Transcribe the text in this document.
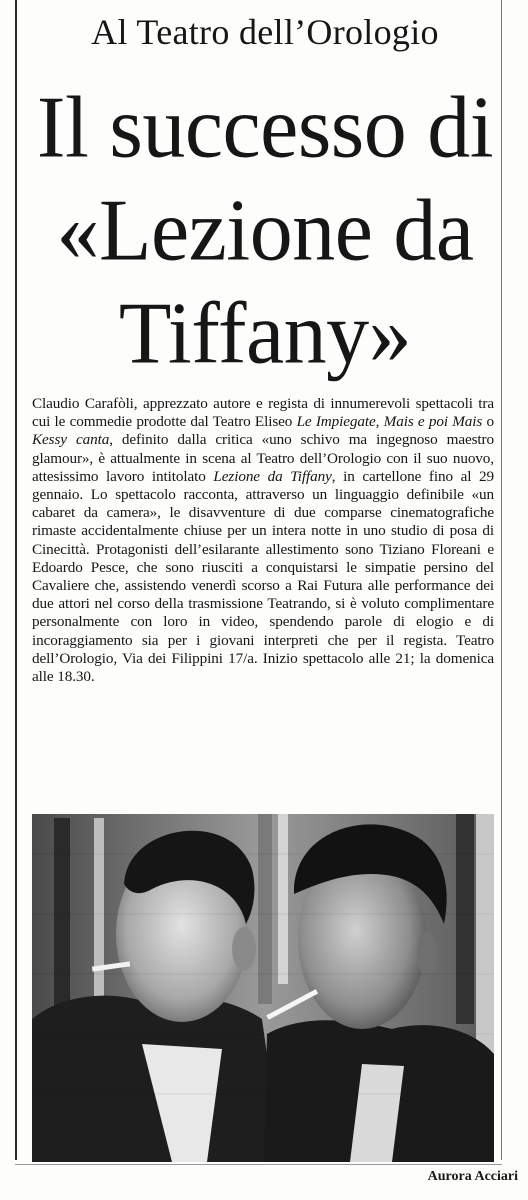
Al Teatro dell’Orologio
Il successo di
«Lezione da
Tiffany»
Claudio Carafòli, apprezzato autore e regista di innumerevoli spettacoli tra cui le commedie prodotte dal Teatro Eliseo Le Impiegate, Mais e poi Mais o Kessy canta, definito dalla critica «uno schivo ma ingegnoso maestro glamour», è attualmente in scena al Teatro dell’Orologio con il suo nuovo, attesissimo lavoro intitolato Lezione da Tiffany, in cartellone fino al 29 gennaio. Lo spettacolo racconta, attraverso un linguaggio definibile «un cabaret da camera», le disavventure di due comparse cinematografiche rimaste accidentalmente chiuse per un intera notte in uno studio di posa di Cinecittà. Protagonisti dell’esilarante allestimento sono Tiziano Floreani e Edoardo Pesce, che sono riusciti a conquistarsi le simpatie persino del Cavaliere che, assistendo venerdì scorso a Rai Futura alle performance dei due attori nel corso della trasmissione Teatrando, si è voluto complimentare personalmente con loro in video, spendendo parole di elogio e di incoraggiamento sia per i giovani interpreti che per il regista. Teatro dell’Orologio, Via dei Filippini 17/a. Inizio spettacolo alle 21; la domenica alle 18.30.
Aurora Acciari
